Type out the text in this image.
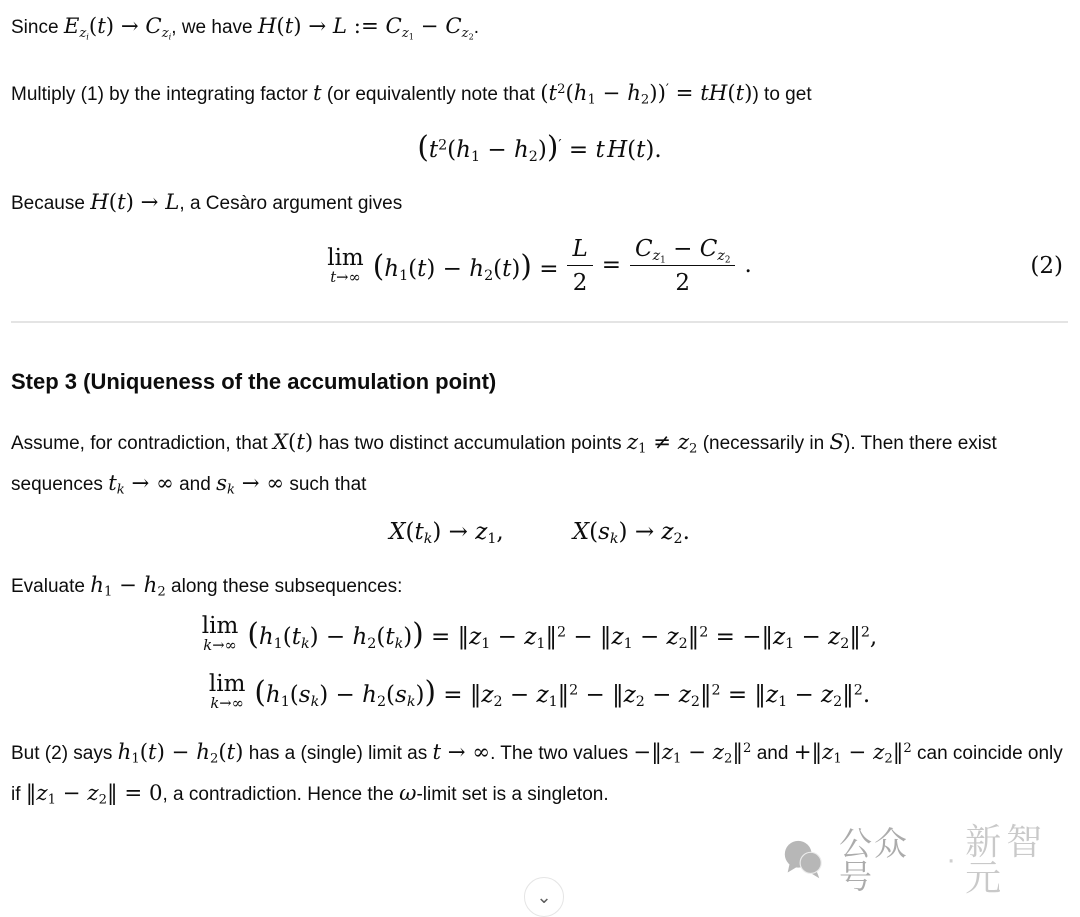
Since $E_{z_i}(t) \to C_{z_i}$, we have H(t) → L := $C_{z_1} - C_{z_2}$.

Multiply (1) by the integrating factor t (or equivalently note that $(t^2(h_1 - h_2))' = tH(t)$) to get

$(t^2(h_1 - h_2))' = t$ H(t).

Because H(t) → L, a Cesàro argument gives

lim
t→∞ $(h_1(t) - h_2(t)) = \frac{L}{2} = \frac{C_{z_1} - C_{z_2}}{2}$ .	(2)
Step 3 (Uniqueness of the accumulation point)

Assume, for contradiction, that X(t) has two distinct accumulation points $z_1 \ne z_2$ (necessarily in S). Then there exist sequences $t_k$ → ∞ and $s_k$ → ∞ such that

$X(t_k) \to z_1$,   $X(s_k) \to z_2$.

Evaluate $h_1 - h_2$ along these subsequences:

lim
k→∞ $(h_1(t_k) - h_2(t_k))$ = $‖z_1$ − $z_1‖^2$ − $‖z_1$ − $z_2‖^2$ = $-‖z_1$ − $z_2‖^2$,
lim
k→∞ $(h_1(s_k) - h_2(s_k))$ = $‖z_2$ − $z_1‖^2$ − $‖z_2$ − $z_2‖^2$ = $‖z_1$ − $z_2‖^2$.

But (2) says $h_1(t) - h_2(t)$ has a (single) limit as t → ∞. The two values $-‖z_1$ − $z_2‖^2$ and $+‖z_1$ − $z_2‖^2$ can coincide only if $‖z_1$ − $z_2‖ = 0$, a contradiction. Hence the ω-limit set is a singleton.

公众号	· 新智元
⌄
